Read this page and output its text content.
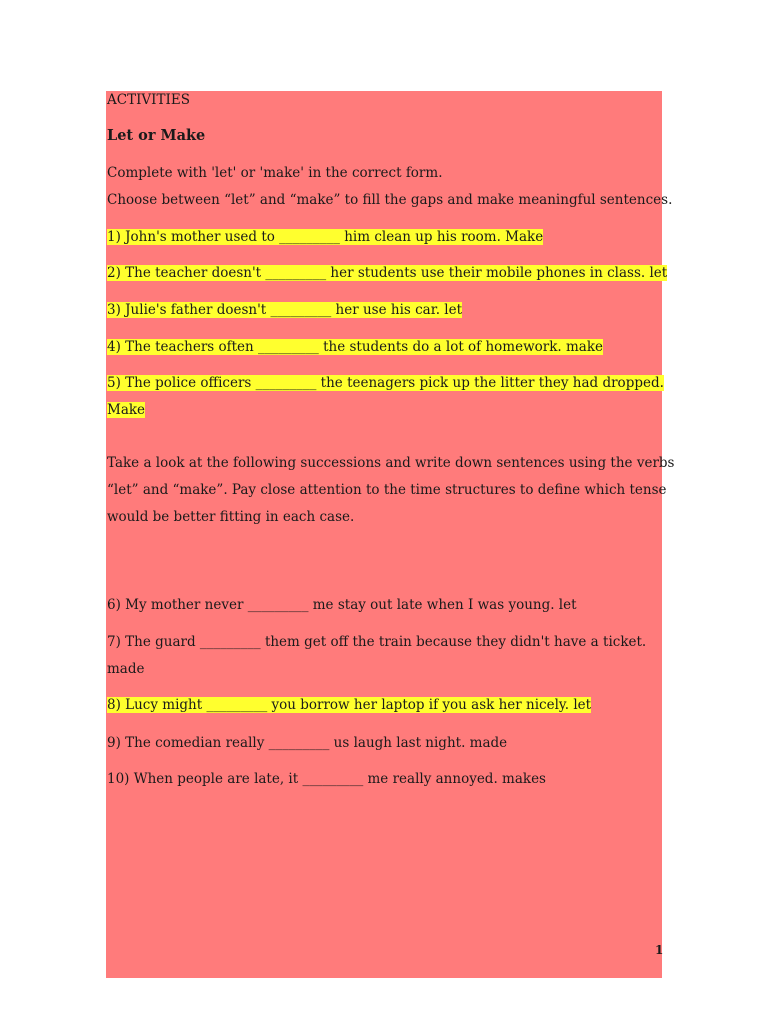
ACTIVITIES
Let or Make
Complete with 'let' or 'make' in the correct form.
Choose between “let” and “make” to fill the gaps and make meaningful sentences.
1) John's mother used to _________ him clean up his room. Make
2) The teacher doesn't _________ her students use their mobile phones in class. let
3) Julie's father doesn't _________ her use his car. let
4) The teachers often _________ the students do a lot of homework. make
5) The police officers _________ the teenagers pick up the litter they had dropped.
Make
Take a look at the following successions and write down sentences using the verbs
“let” and “make”. Pay close attention to the time structures to define which tense
would be better fitting in each case.
6) My mother never _________ me stay out late when I was young. let
7) The guard _________ them get off the train because they didn't have a ticket.
made
8) Lucy might _________ you borrow her laptop if you ask her nicely. let
9) The comedian really _________ us laugh last night. made
10) When people are late, it _________ me really annoyed. makes
1
